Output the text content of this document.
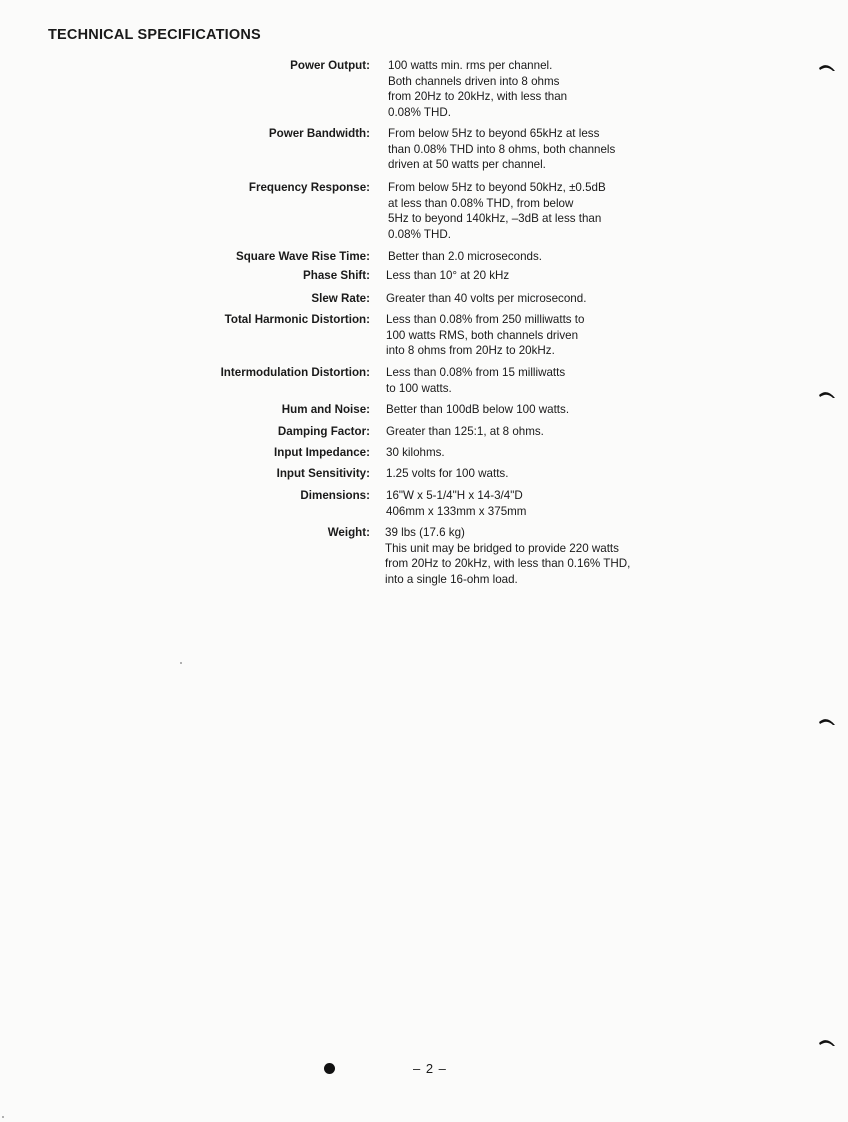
TECHNICAL SPECIFICATIONS
Power Output: 100 watts min. rms per channel.
Both channels driven into 8 ohms
from 20Hz to 20kHz, with less than
0.08% THD.
Power Bandwidth: From below 5Hz to beyond 65kHz at less
than 0.08% THD into 8 ohms, both channels
driven at 50 watts per channel.
Frequency Response: From below 5Hz to beyond 50kHz, ±0.5dB
at less than 0.08% THD, from below
5Hz to beyond 140kHz, –3dB at less than
0.08% THD.
Square Wave Rise Time: Better than 2.0 microseconds.
Phase Shift: Less than 10° at 20 kHz
Slew Rate: Greater than 40 volts per microsecond.
Total Harmonic Distortion: Less than 0.08% from 250 milliwatts to
100 watts RMS, both channels driven
into 8 ohms from 20Hz to 20kHz.
Intermodulation Distortion: Less than 0.08% from 15 milliwatts
to 100 watts.
Hum and Noise: Better than 100dB below 100 watts.
Damping Factor: Greater than 125:1, at 8 ohms.
Input Impedance: 30 kilohms.
Input Sensitivity: 1.25 volts for 100 watts.
Dimensions: 16"W x 5-1/4"H x 14-3/4"D
406mm x 133mm x 375mm
Weight: 39 lbs (17.6 kg)
This unit may be bridged to provide 220 watts
from 20Hz to 20kHz, with less than 0.16% THD,
into a single 16-ohm load.
– 2 –
